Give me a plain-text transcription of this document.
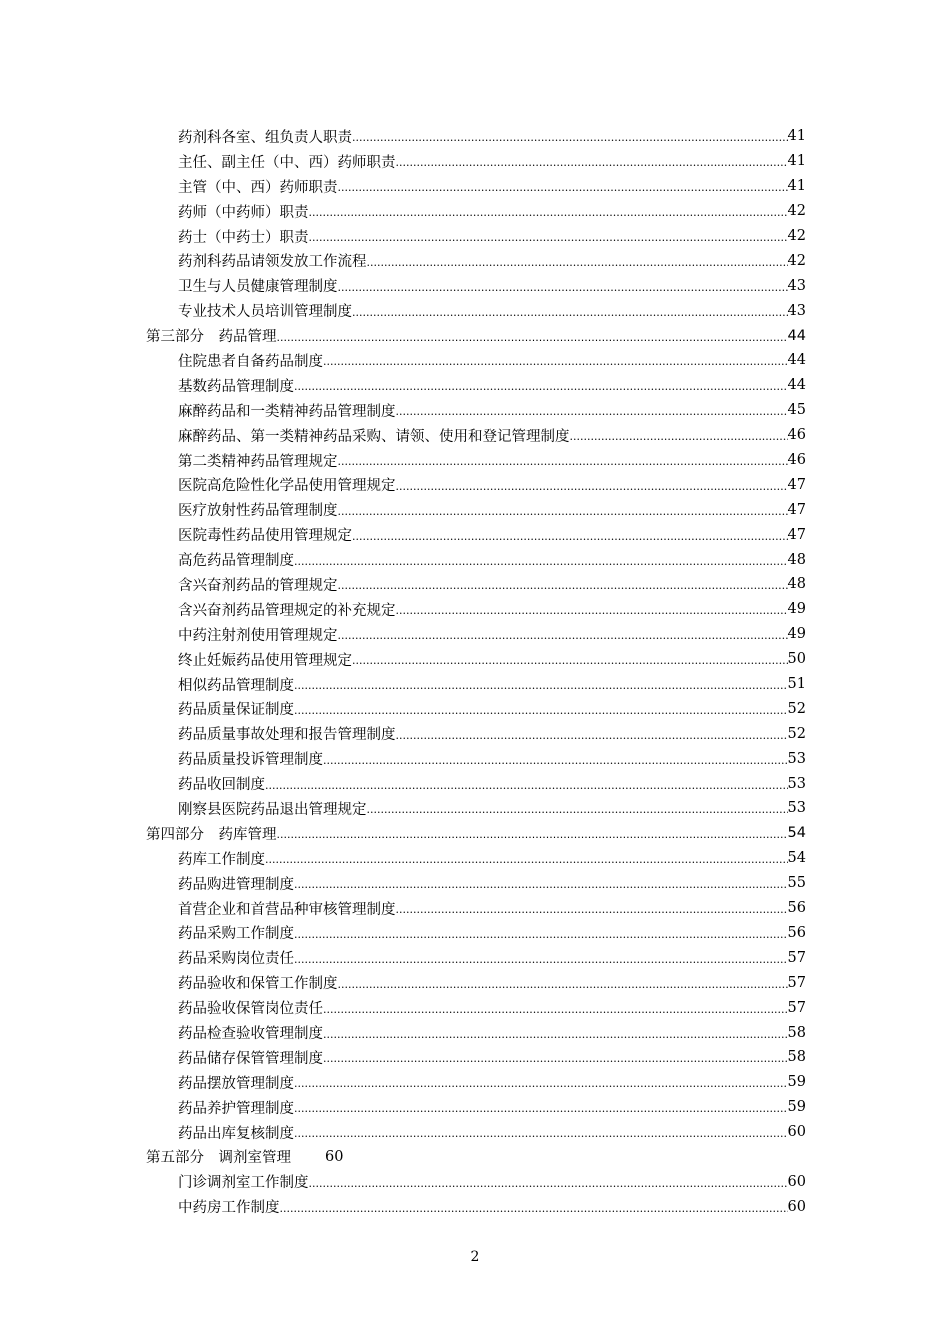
药剂科各室、组负责人职责 .....	41
主任、副主任（中、西）药师职责 .....	41
主管（中、西）药师职责 .....	41
药师（中药师）职责 .....	42
药士（中药士）职责 .....	42
药剂科药品请领发放工作流程 .....	42
卫生与人员健康管理制度 .....	43
专业技术人员培训管理制度 .....	43
第三部分　药品管理 .....	44
住院患者自备药品制度 .....	44
基数药品管理制度 .....	44
麻醉药品和一类精神药品管理制度 .....	45
麻醉药品、第一类精神药品采购、请领、使用和登记管理制度 .....	46
第二类精神药品管理规定 .....	46
医院高危险性化学品使用管理规定 .....	47
医疗放射性药品管理制度 .....	47
医院毒性药品使用管理规定 .....	47
高危药品管理制度 .....	48
含兴奋剂药品的管理规定 .....	48
含兴奋剂药品管理规定的补充规定 .....	49
中药注射剂使用管理规定 .....	49
终止妊娠药品使用管理规定 .....	50
相似药品管理制度 .....	51
药品质量保证制度 .....	52
药品质量事故处理和报告管理制度 .....	52
药品质量投诉管理制度 .....	53
药品收回制度 .....	53
刚察县医院药品退出管理规定 .....	53
第四部分　药库管理 .....	54
药库工作制度 .....	54
药品购进管理制度 .....	55
首营企业和首营品种审核管理制度 .....	56
药品采购工作制度 .....	56
药品采购岗位责任 .....	57
药品验收和保管工作制度 .....	57
药品验收保管岗位责任 .....	57
药品检查验收管理制度 .....	58
药品储存保管管理制度 .....	58
药品摆放管理制度 .....	59
药品养护管理制度 .....	59
药品出库复核制度 .....	60
第五部分　调剂室管理 60
门诊调剂室工作制度 .....	60
中药房工作制度 .....	60
2
